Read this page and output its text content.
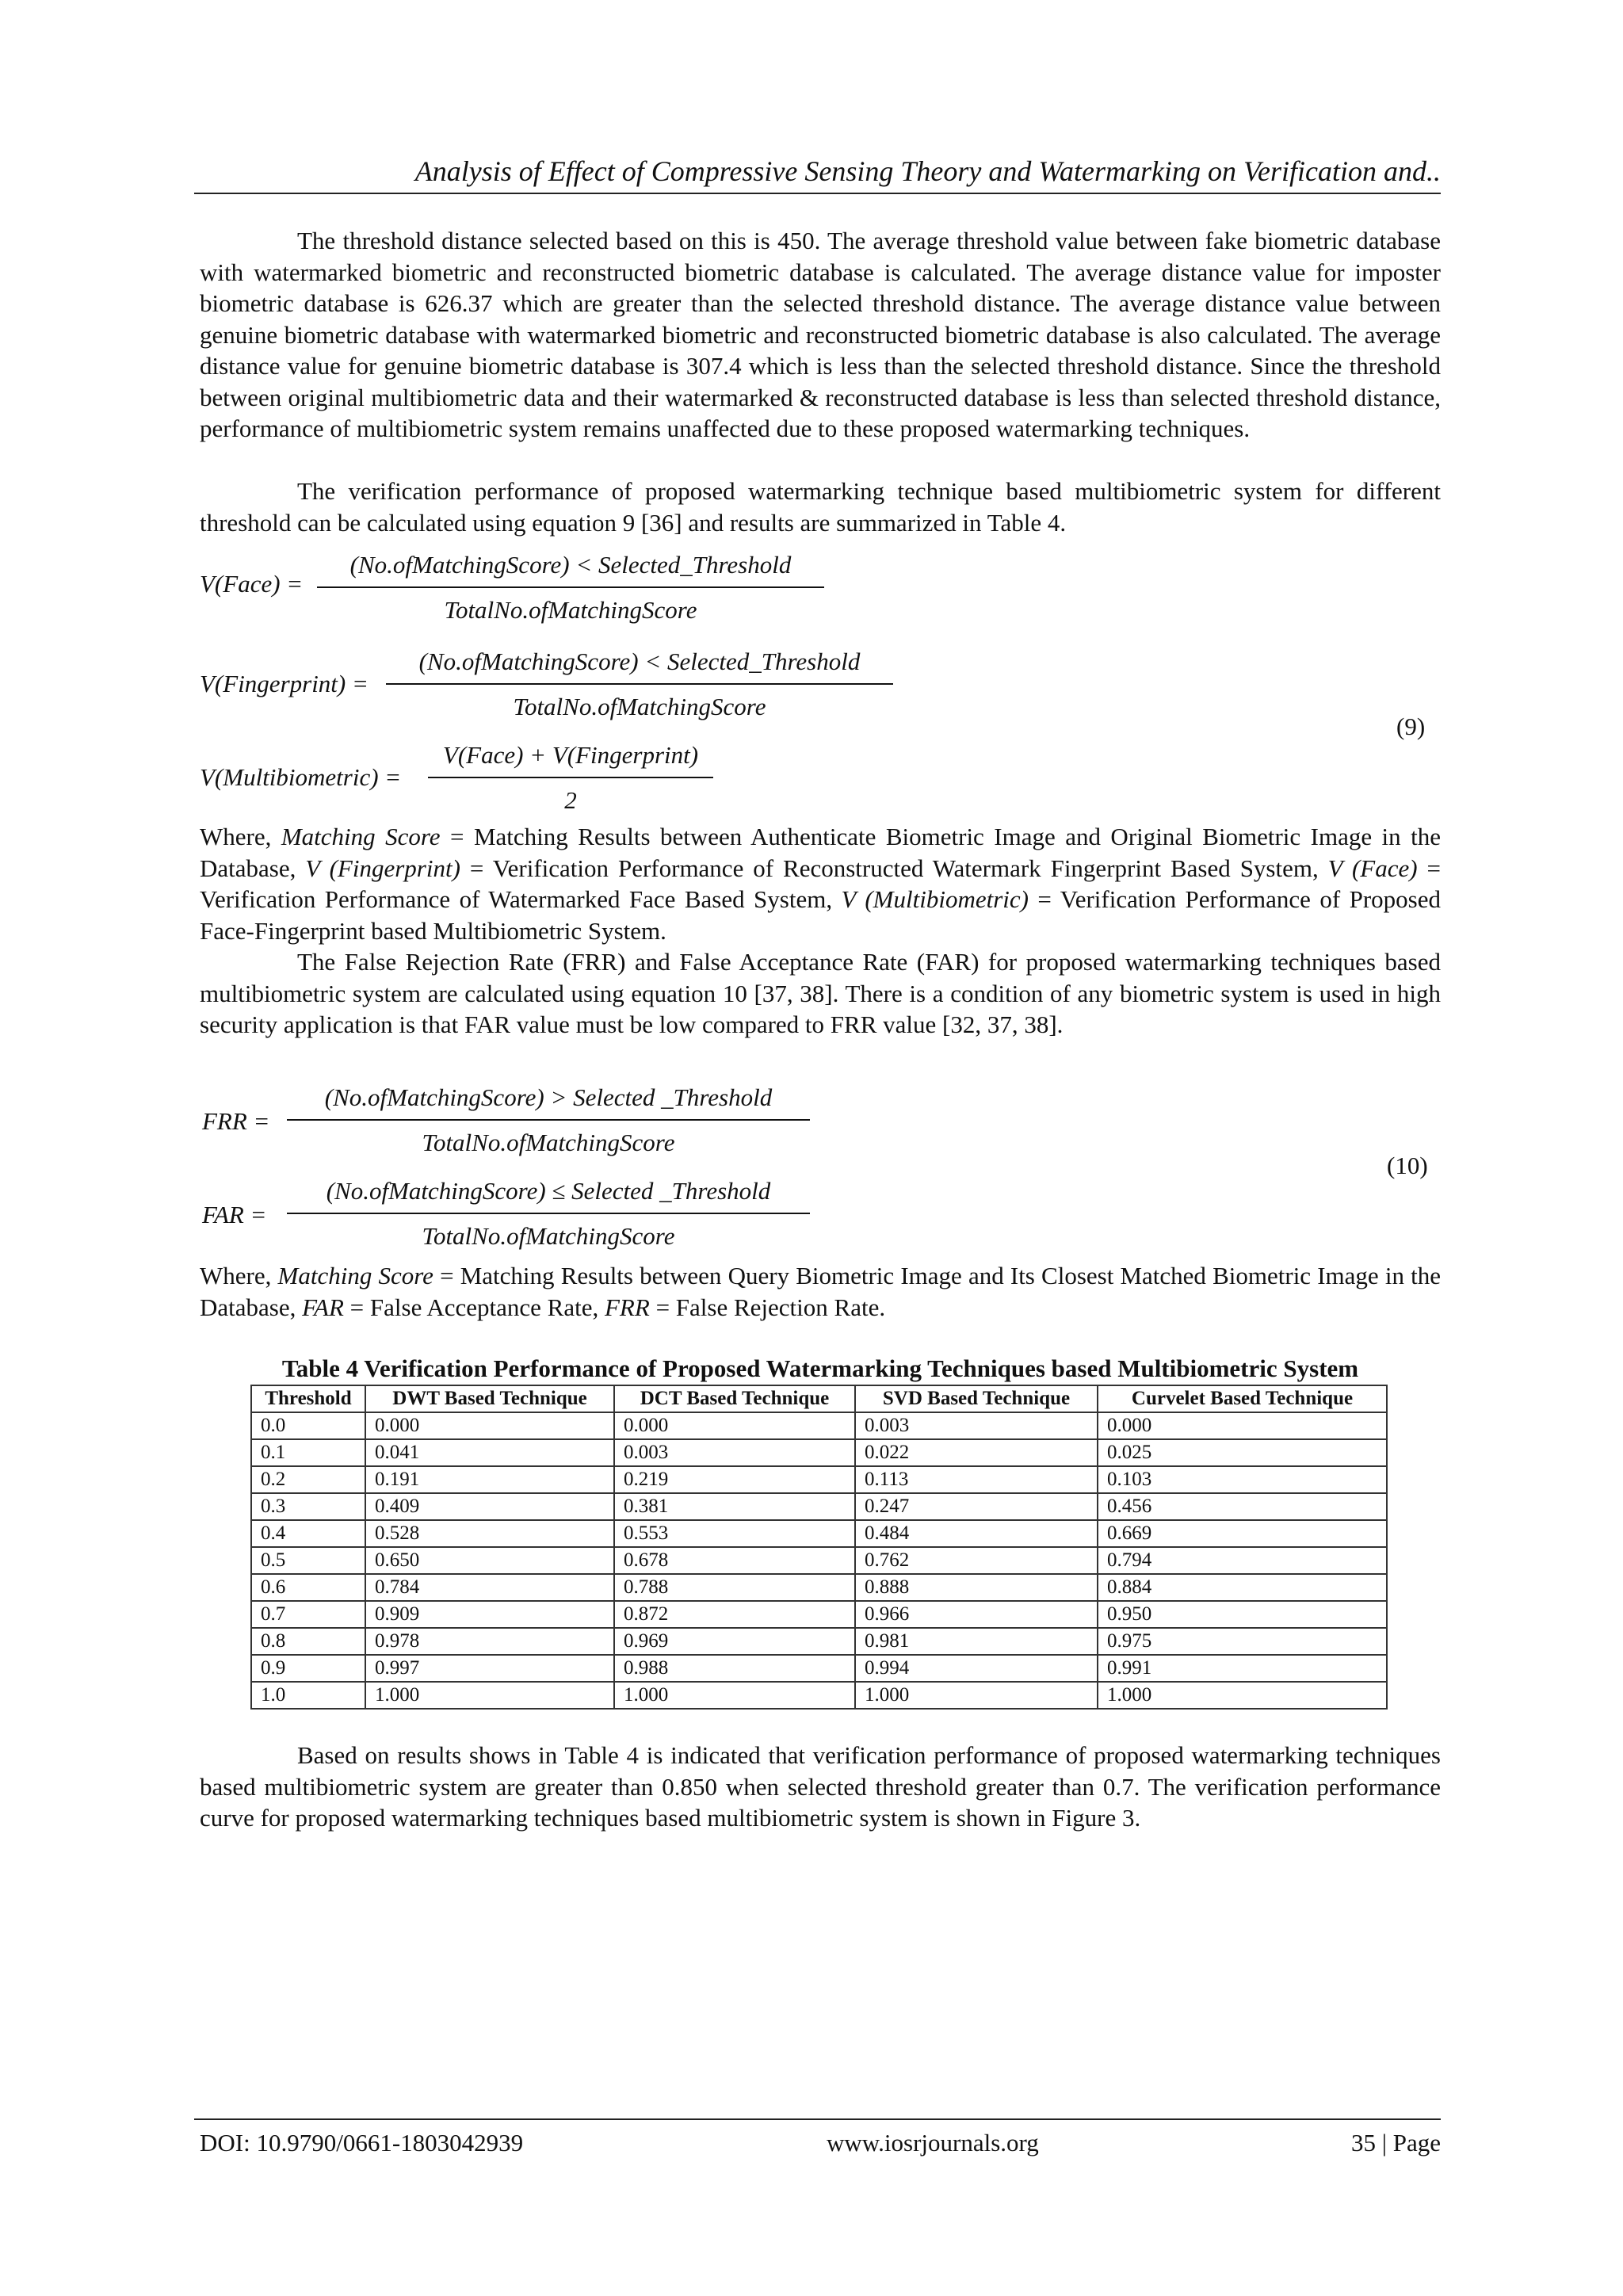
Analysis of Effect of Compressive Sensing Theory and Watermarking on Verification and..

The threshold distance selected based on this is 450. The average threshold value between fake biometric database with watermarked biometric and reconstructed biometric database is calculated. The average distance value for imposter biometric database is 626.37 which are greater than the selected threshold distance. The average distance value between genuine biometric database with watermarked biometric and reconstructed biometric database is also calculated. The average distance value for genuine biometric database is 307.4 which is less than the selected threshold distance. Since the threshold between original multibiometric data and their watermarked & reconstructed database is less than selected threshold distance, performance of multibiometric system remains unaffected due to these proposed watermarking techniques.

The verification performance of proposed watermarking technique based multibiometric system for different threshold can be calculated using equation 9 [36] and results are summarized in Table 4.

V(Face) =
(No.ofMatchingScore) < Selected_Threshold
TotalNo.ofMatchingScore
V(Fingerprint) =
(No.ofMatchingScore) < Selected_Threshold
TotalNo.ofMatchingScore
V(Multibiometric) =
V(Face) + V(Fingerprint)
2
(9)

Where, Matching Score = Matching Results between Authenticate Biometric Image and Original Biometric Image in the Database, V (Fingerprint) = Verification Performance of Reconstructed Watermark Fingerprint Based System, V (Face) = Verification Performance of Watermarked Face Based System, V (Multibiometric) = Verification Performance of Proposed Face-Fingerprint based Multibiometric System.

The False Rejection Rate (FRR) and False Acceptance Rate (FAR) for proposed watermarking techniques based multibiometric system are calculated using equation 10 [37, 38]. There is a condition of any biometric system is used in high security application is that FAR value must be low compared to FRR value [32, 37, 38].

FRR =
(No.ofMatchingScore) > Selected _Threshold
TotalNo.ofMatchingScore
FAR =
(No.ofMatchingScore) ≤ Selected _Threshold
TotalNo.ofMatchingScore
(10)

Where, Matching Score = Matching Results between Query Biometric Image and Its Closest Matched Biometric Image in the Database, FAR = False Acceptance Rate, FRR = False Rejection Rate.

Table 4 Verification Performance of Proposed Watermarking Techniques based Multibiometric System
Threshold	DWT Based Technique	DCT Based Technique	SVD Based Technique	Curvelet Based Technique
0.0	0.000	0.000	0.003	0.000
0.1	0.041	0.003	0.022	0.025
0.2	0.191	0.219	0.113	0.103
0.3	0.409	0.381	0.247	0.456
0.4	0.528	0.553	0.484	0.669
0.5	0.650	0.678	0.762	0.794
0.6	0.784	0.788	0.888	0.884
0.7	0.909	0.872	0.966	0.950
0.8	0.978	0.969	0.981	0.975
0.9	0.997	0.988	0.994	0.991
1.0	1.000	1.000	1.000	1.000

Based on results shows in Table 4 is indicated that verification performance of proposed watermarking techniques based multibiometric system are greater than 0.850 when selected threshold greater than 0.7. The verification performance curve for proposed watermarking techniques based multibiometric system is shown in Figure 3.

DOI: 10.9790/0661-1803042939	www.iosrjournals.org	35 | Page
